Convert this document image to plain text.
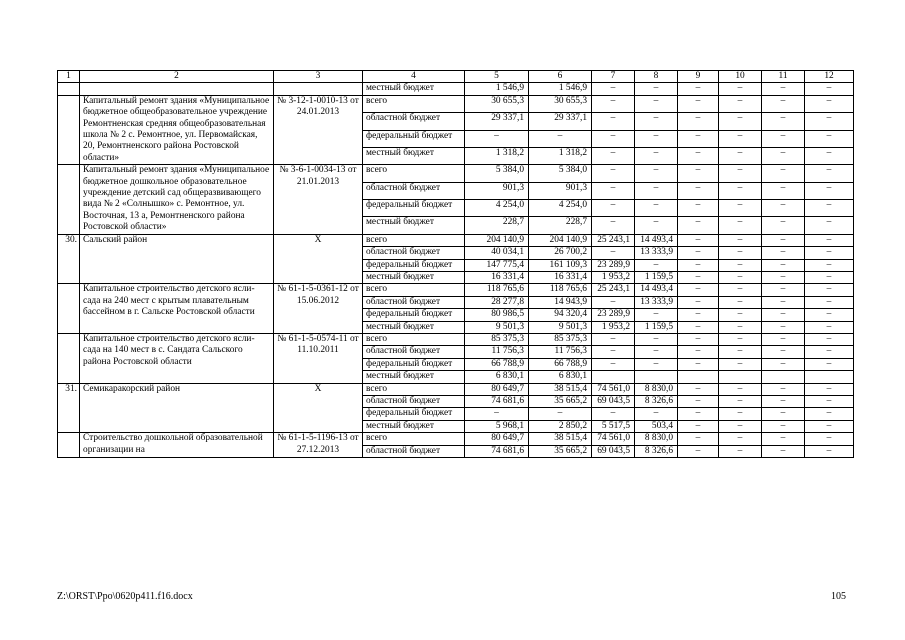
1	2	3	4	5	6	7	8	9	10	11	12
			местный бюджет	1 546,9	1 546,9	–	–	–	–	–	–
	Капитальный ремонт здания «Муниципальное бюджетное общеобразовательное учреждение Ремонтненская средняя общеобразовательная школа № 2 с. Ремонтное, ул. Первомайская, 20, Ремонтненского района Ростовской области»	№ 3-12-1-0010-13 от 24.01.2013	всего	30 655,3	30 655,3	–	–	–	–	–	–
			областной бюджет	29 337,1	29 337,1	–	–	–	–	–	–
			федеральный бюджет	–	–	–	–	–	–	–	–
			местный бюджет	1 318,2	1 318,2	–	–	–	–	–	–
	Капитальный ремонт здания «Муниципальное бюджетное дошкольное образовательное учреждение детский сад общеразвивающего вида № 2 «Солнышко» с. Ремонтное, ул. Восточная, 13 а, Ремонтненского района Ростовской области»	№ 3-6-1-0034-13 от 21.01.2013	всего	5 384,0	5 384,0	–	–	–	–	–	–
			областной бюджет	901,3	901,3	–	–	–	–	–	–
			федеральный бюджет	4 254,0	4 254,0	–	–	–	–	–	–
			местный бюджет	228,7	228,7	–	–	–	–	–	–
30.	Сальский район	Х	всего	204 140,9	204 140,9	25 243,1	14 493,4	–	–	–	–
			областной бюджет	40 034,1	26 700,2	–	13 333,9	–	–	–	–
			федеральный бюджет	147 775,4	161 109,3	23 289,9	–	–	–	–	–
			местный бюджет	16 331,4	16 331,4	1 953,2	1 159,5	–	–	–	–
	Капитальное строительство детского ясли-сада на 240 мест с крытым плавательным бассейном в г. Сальске Ростовской области	№ 61-1-5-0361-12 от 15.06.2012	всего	118 765,6	118 765,6	25 243,1	14 493,4	–	–	–	–
			областной бюджет	28 277,8	14 943,9	–	13 333,9	–	–	–	–
			федеральный бюджет	80 986,5	94 320,4	23 289,9	–	–	–	–	–
			местный бюджет	9 501,3	9 501,3	1 953,2	1 159,5	–	–	–	–
	Капитальное строительство детского ясли-сада на 140 мест в с. Сандата Сальского района Ростовской области	№ 61-1-5-0574-11 от 11.10.2011	всего	85 375,3	85 375,3	–	–	–	–	–	–
			областной бюджет	11 756,3	11 756,3	–	–	–	–	–	–
			федеральный бюджет	66 788,9	66 788,9	–	–	–	–	–	–
			местный бюджет	6 830,1	6 830,1						
31.	Семикаракорский район	Х	всего	80 649,7	38 515,4	74 561,0	8 830,0	–	–	–	–
			областной бюджет	74 681,6	35 665,2	69 043,5	8 326,6	–	–	–	–
			федеральный бюджет	–	–	–	–	–	–	–	–
			местный бюджет	5 968,1	2 850,2	5 517,5	503,4	–	–	–	–
	Строительство дошкольной образовательной организации на	№ 61-1-5-1196-13 от 27.12.2013	всего	80 649,7	38 515,4	74 561,0	8 830,0	–	–	–	–
			областной бюджет	74 681,6	35 665,2	69 043,5	8 326,6	–	–	–	–
Z:\ORST\Ppo\0620p411.f16.docx	105
